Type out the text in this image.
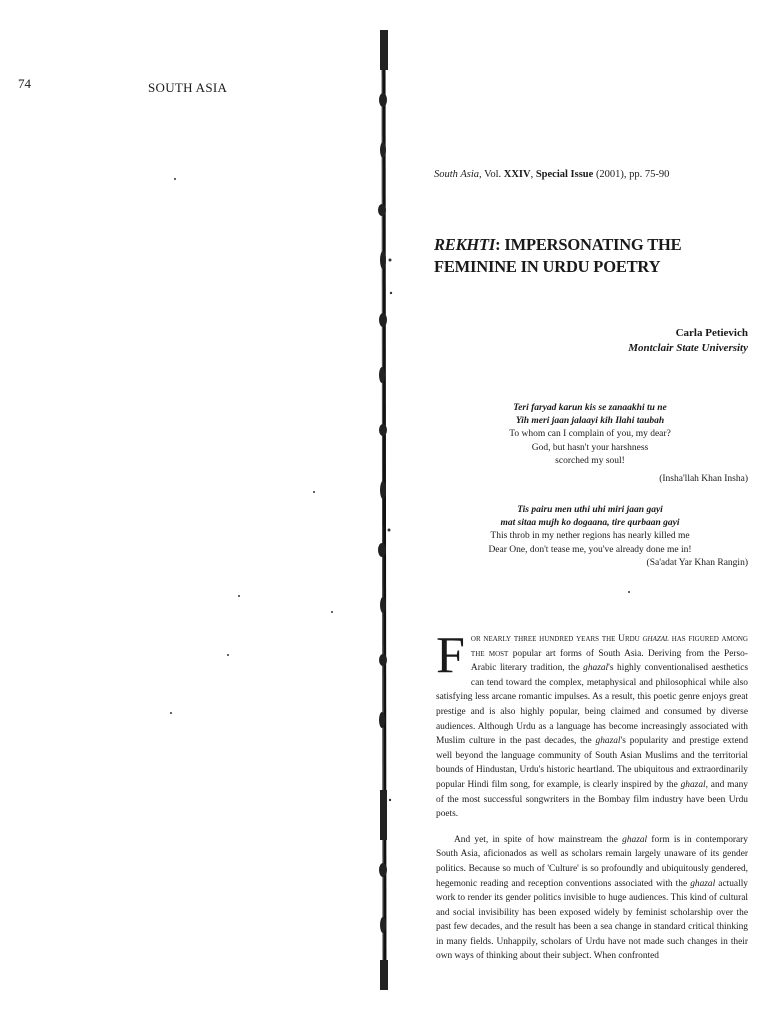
74	SOUTH ASIA
South Asia, Vol. XXIV, Special Issue (2001), pp. 75-90
REKHTI: IMPERSONATING THE FEMININE IN URDU POETRY
Carla Petievich
Montclair State University
Teri faryad karun kis se zanaakhi tu ne
Yih meri jaan jalaayi kih Ilahi taubah
To whom can I complain of you, my dear?
God, but hasn't your harshness
scorched my soul!
(Insha'llah Khan Insha)
Tis pairu men uthi uhi miri jaan gayi
mat sitaa mujh ko dogaana, tire qurbaan gayi
This throb in my nether regions has nearly killed me
Dear One, don't tease me, you've already done me in!
(Sa'adat Yar Khan Rangin)

For nearly three hundred years the Urdu ghazal has figured among the most popular art forms of South Asia. Deriving from the Perso-Arabic literary tradition, the ghazal's highly conventionalised aesthetics can tend toward the complex, metaphysical and philosophical while also satisfying less arcane romantic impulses. As a result, this poetic genre enjoys great prestige and is also highly popular, being claimed and consumed by diverse audiences. Although Urdu as a language has become increasingly associated with Muslim culture in the past decades, the ghazal's popularity and prestige extend well beyond the language community of South Asian Muslims and the territorial bounds of Hindustan, Urdu's historic heartland. The ubiquitous and extraordinarily popular Hindi film song, for example, is clearly inspired by the ghazal, and many of the most successful songwriters in the Bombay film industry have been Urdu poets.

And yet, in spite of how mainstream the ghazal form is in contemporary South Asia, aficionados as well as scholars remain largely unaware of its gender politics. Because so much of 'Culture' is so profoundly and ubiquitously gendered, hegemonic reading and reception conventions associated with the ghazal actually work to render its gender politics invisible to huge audiences. This kind of cultural and social invisibility has been exposed widely by feminist scholarship over the past few decades, and the result has been a sea change in standard critical thinking in many fields. Unhappily, scholars of Urdu have not made such changes in their own ways of thinking about their subject. When confronted
